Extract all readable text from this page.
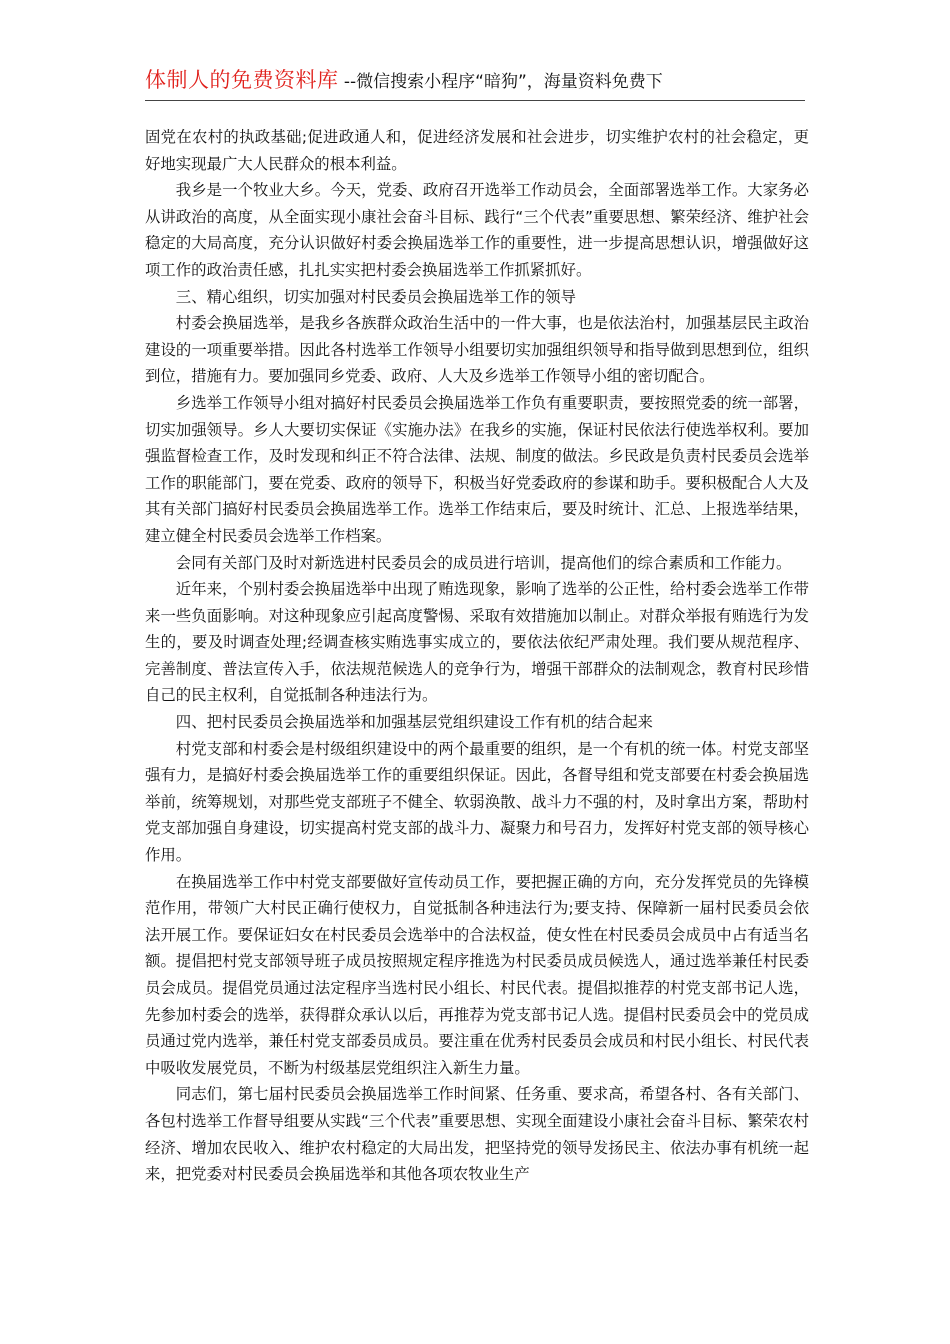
体制人的免费资料库 --微信搜索小程序“暗狗”，海量资料免费下

固党在农村的执政基础;促进政通人和，促进经济发展和社会进步，切实维护农村的社会稳定，更好地实现最广大人民群众的根本利益。

我乡是一个牧业大乡。今天，党委、政府召开选举工作动员会，全面部署选举工作。大家务必从讲政治的高度，从全面实现小康社会奋斗目标、践行“三个代表”重要思想、繁荣经济、维护社会稳定的大局高度，充分认识做好村委会换届选举工作的重要性，进一步提高思想认识，增强做好这项工作的政治责任感，扎扎实实把村委会换届选举工作抓紧抓好。

三、精心组织，切实加强对村民委员会换届选举工作的领导

村委会换届选举，是我乡各族群众政治生活中的一件大事，也是依法治村，加强基层民主政治建设的一项重要举措。因此各村选举工作领导小组要切实加强组织领导和指导做到思想到位，组织到位，措施有力。要加强同乡党委、政府、人大及乡选举工作领导小组的密切配合。

乡选举工作领导小组对搞好村民委员会换届选举工作负有重要职责，要按照党委的统一部署，切实加强领导。乡人大要切实保证《实施办法》在我乡的实施，保证村民依法行使选举权利。要加强监督检查工作，及时发现和纠正不符合法律、法规、制度的做法。乡民政是负责村民委员会选举工作的职能部门，要在党委、政府的领导下，积极当好党委政府的参谋和助手。要积极配合人大及其有关部门搞好村民委员会换届选举工作。选举工作结束后，要及时统计、汇总、上报选举结果，建立健全村民委员会选举工作档案。

会同有关部门及时对新选进村民委员会的成员进行培训，提高他们的综合素质和工作能力。

近年来，个别村委会换届选举中出现了贿选现象，影响了选举的公正性，给村委会选举工作带来一些负面影响。对这种现象应引起高度警惕、采取有效措施加以制止。对群众举报有贿选行为发生的，要及时调查处理;经调查核实贿选事实成立的，要依法依纪严肃处理。我们要从规范程序、完善制度、普法宣传入手，依法规范候选人的竞争行为，增强干部群众的法制观念，教育村民珍惜自己的民主权利，自觉抵制各种违法行为。

四、把村民委员会换届选举和加强基层党组织建设工作有机的结合起来

村党支部和村委会是村级组织建设中的两个最重要的组织，是一个有机的统一体。村党支部坚强有力，是搞好村委会换届选举工作的重要组织保证。因此，各督导组和党支部要在村委会换届选举前，统筹规划，对那些党支部班子不健全、软弱涣散、战斗力不强的村，及时拿出方案，帮助村党支部加强自身建设，切实提高村党支部的战斗力、凝聚力和号召力，发挥好村党支部的领导核心作用。

在换届选举工作中村党支部要做好宣传动员工作，要把握正确的方向，充分发挥党员的先锋模范作用，带领广大村民正确行使权力，自觉抵制各种违法行为;要支持、保障新一届村民委员会依法开展工作。要保证妇女在村民委员会选举中的合法权益，使女性在村民委员会成员中占有适当名额。提倡把村党支部领导班子成员按照规定程序推选为村民委员成员候选人，通过选举兼任村民委员会成员。提倡党员通过法定程序当选村民小组长、村民代表。提倡拟推荐的村党支部书记人选，先参加村委会的选举，获得群众承认以后，再推荐为党支部书记人选。提倡村民委员会中的党员成员通过党内选举，兼任村党支部委员成员。要注重在优秀村民委员会成员和村民小组长、村民代表中吸收发展党员，不断为村级基层党组织注入新生力量。

同志们，第七届村民委员会换届选举工作时间紧、任务重、要求高，希望各村、各有关部门、各包村选举工作督导组要从实践“三个代表”重要思想、实现全面建设小康社会奋斗目标、繁荣农村经济、增加农民收入、维护农村稳定的大局出发，把坚持党的领导发扬民主、依法办事有机统一起来，把党委对村民委员会换届选举和其他各项农牧业生产
